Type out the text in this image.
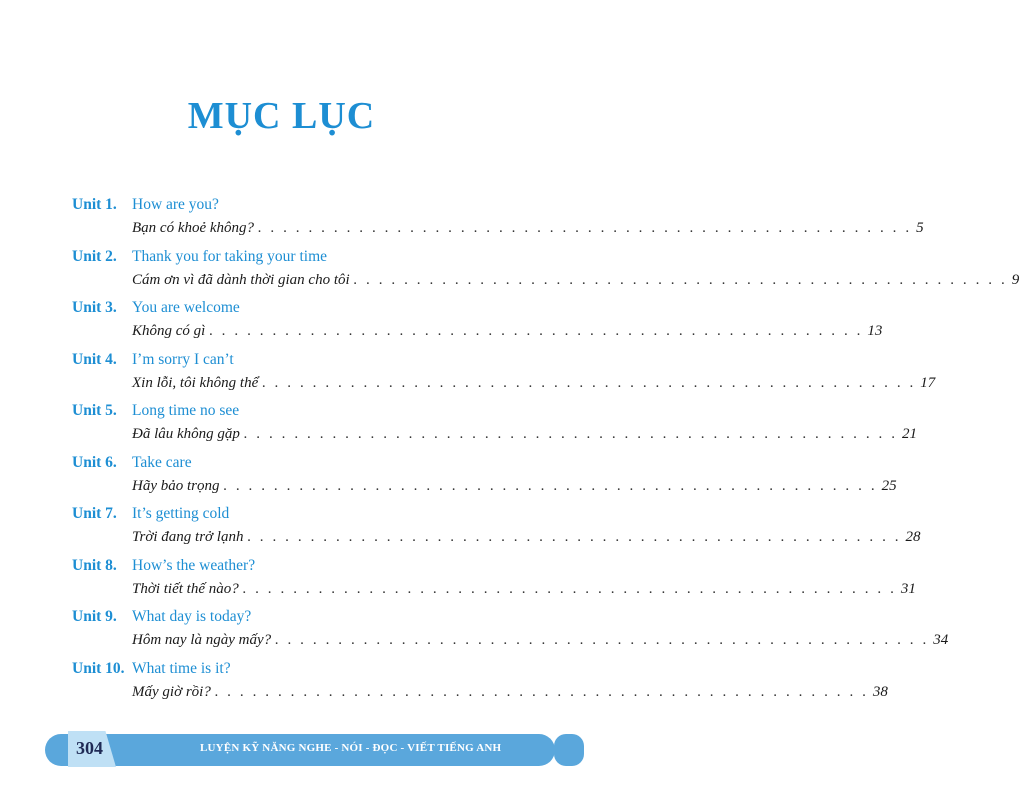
MỤC LỤC
Unit 1. How are you?
Bạn có khoẻ không? . . . . . . . . . . . . . . . . . . . . . . . . . . . . . . . . . . . . . . . . . . . . . . . . . . . . 5
Unit 2. Thank you for taking your time
Cám ơn vì đã dành thời gian cho tôi . . . . . . . . . . . . . . . . . . . . . . . . . . . . . . . . . . . . . . . . . . . . . . . . . . . . 9
Unit 3. You are welcome
Không có gì . . . . . . . . . . . . . . . . . . . . . . . . . . . . . . . . . . . . . . . . . . . . . . . . . . . . 13
Unit 4. I’m sorry I can’t
Xin lỗi, tôi không thể . . . . . . . . . . . . . . . . . . . . . . . . . . . . . . . . . . . . . . . . . . . . . . . . . . . . 17
Unit 5. Long time no see
Đã lâu không gặp . . . . . . . . . . . . . . . . . . . . . . . . . . . . . . . . . . . . . . . . . . . . . . . . . . . . 21
Unit 6. Take care
Hãy bảo trọng . . . . . . . . . . . . . . . . . . . . . . . . . . . . . . . . . . . . . . . . . . . . . . . . . . . . 25
Unit 7. It’s getting cold
Trời đang trở lạnh . . . . . . . . . . . . . . . . . . . . . . . . . . . . . . . . . . . . . . . . . . . . . . . . . . . . 28
Unit 8. How’s the weather?
Thời tiết thế nào? . . . . . . . . . . . . . . . . . . . . . . . . . . . . . . . . . . . . . . . . . . . . . . . . . . . . 31
Unit 9. What day is today?
Hôm nay là ngày mấy? . . . . . . . . . . . . . . . . . . . . . . . . . . . . . . . . . . . . . . . . . . . . . . . . . . . . 34
Unit 10. What time is it?
Mấy giờ rồi? . . . . . . . . . . . . . . . . . . . . . . . . . . . . . . . . . . . . . . . . . . . . . . . . . . . . 38
304	LUYỆN KỸ NĂNG NGHE - NÓI - ĐỌC - VIẾT TIẾNG ANH
